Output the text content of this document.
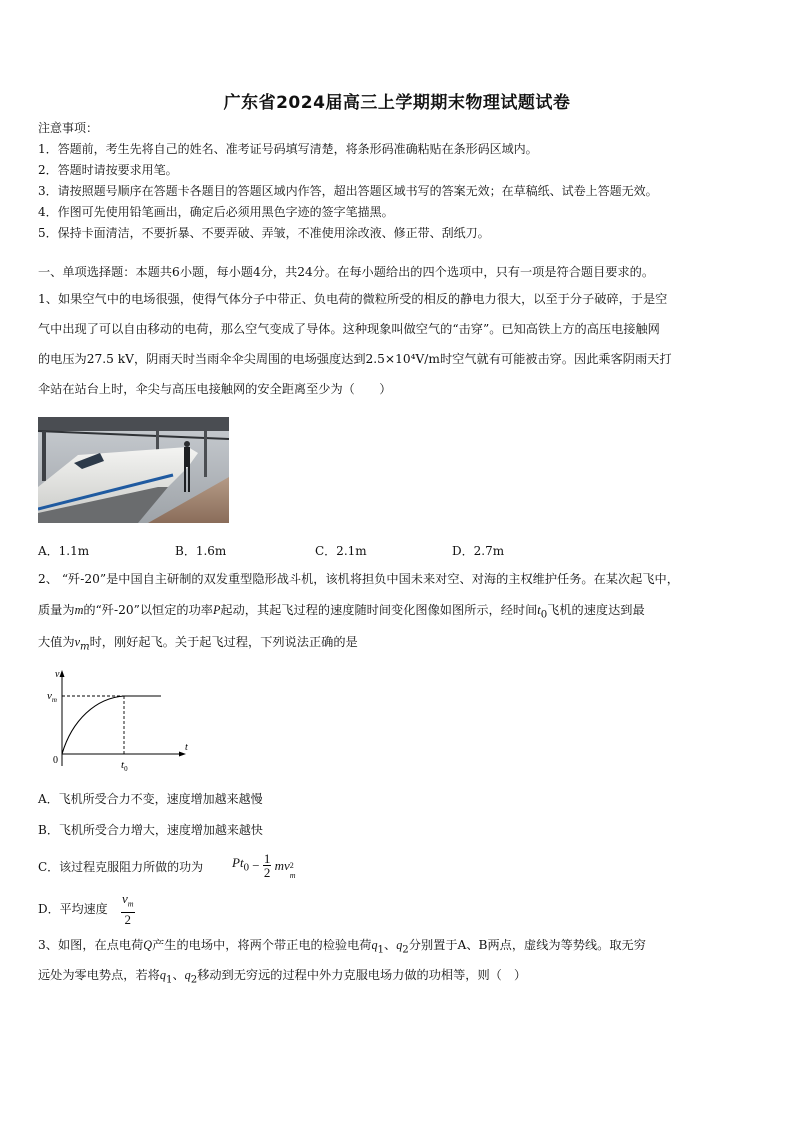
广东省2024届高三上学期期末物理试题试卷
注意事项：
1．答题前，考生先将自己的姓名、准考证号码填写清楚，将条形码准确粘贴在条形码区域内。
2．答题时请按要求用笔。
3．请按照题号顺序在答题卡各题目的答题区域内作答，超出答题区域书写的答案无效；在草稿纸、试卷上答题无效。
4．作图可先使用铅笔画出，确定后必须用黑色字迹的签字笔描黑。
5．保持卡面清洁，不要折暴、不要弄破、弄皱，不准使用涂改液、修正带、刮纸刀。
一、单项选择题：本题共6小题，每小题4分，共24分。在每小题给出的四个选项中，只有一项是符合题目要求的。
1、如果空气中的电场很强，使得气体分子中带正、负电荷的微粒所受的相反的静电力很大，以至于分子破碎，于是空
气中出现了可以自由移动的电荷，那么空气变成了导体。这种现象叫做空气的“击穿”。已知高铁上方的高压电接触网
的电压为27.5 kV，阴雨天时当雨伞伞尖周围的电场强度达到2.5×10⁴V/m时空气就有可能被击穿。因此乘客阴雨天打
伞站在站台上时，伞尖与高压电接触网的安全距离至少为（　　）
A．1.1m	B．1.6m	C．2.1m	D．2.7m
2、 “歼-20”是中国自主研制的双发重型隐形战斗机，该机将担负中国未来对空、对海的主权维护任务。在某次起飞中，
质量为m的“歼-20”以恒定的功率P起动，其起飞过程的速度随时间变化图像如图所示，经时间$t_0$飞机的速度达到最
大值为$v_m$时，刚好起飞。关于起飞过程，下列说法正确的是
v
t
0
$v_m$
$t_0$
A．飞机所受合力不变，速度增加越来越慢
B．飞机所受合力增大，速度增加越来越快
C．该过程克服阻力所做的功为 $Pt_0 - \frac{1}{2}$ mv 2
m
D．平均速度
$v_m$
2
3、如图，在点电荷Q产生的电场中，将两个带正电的检验电荷$q_1$、$q_2$分别置于A、B两点，虚线为等势线。取无穷
远处为零电势点，若将$q_1$、$q_2$移动到无穷远的过程中外力克服电场力做的功相等，则（　）
